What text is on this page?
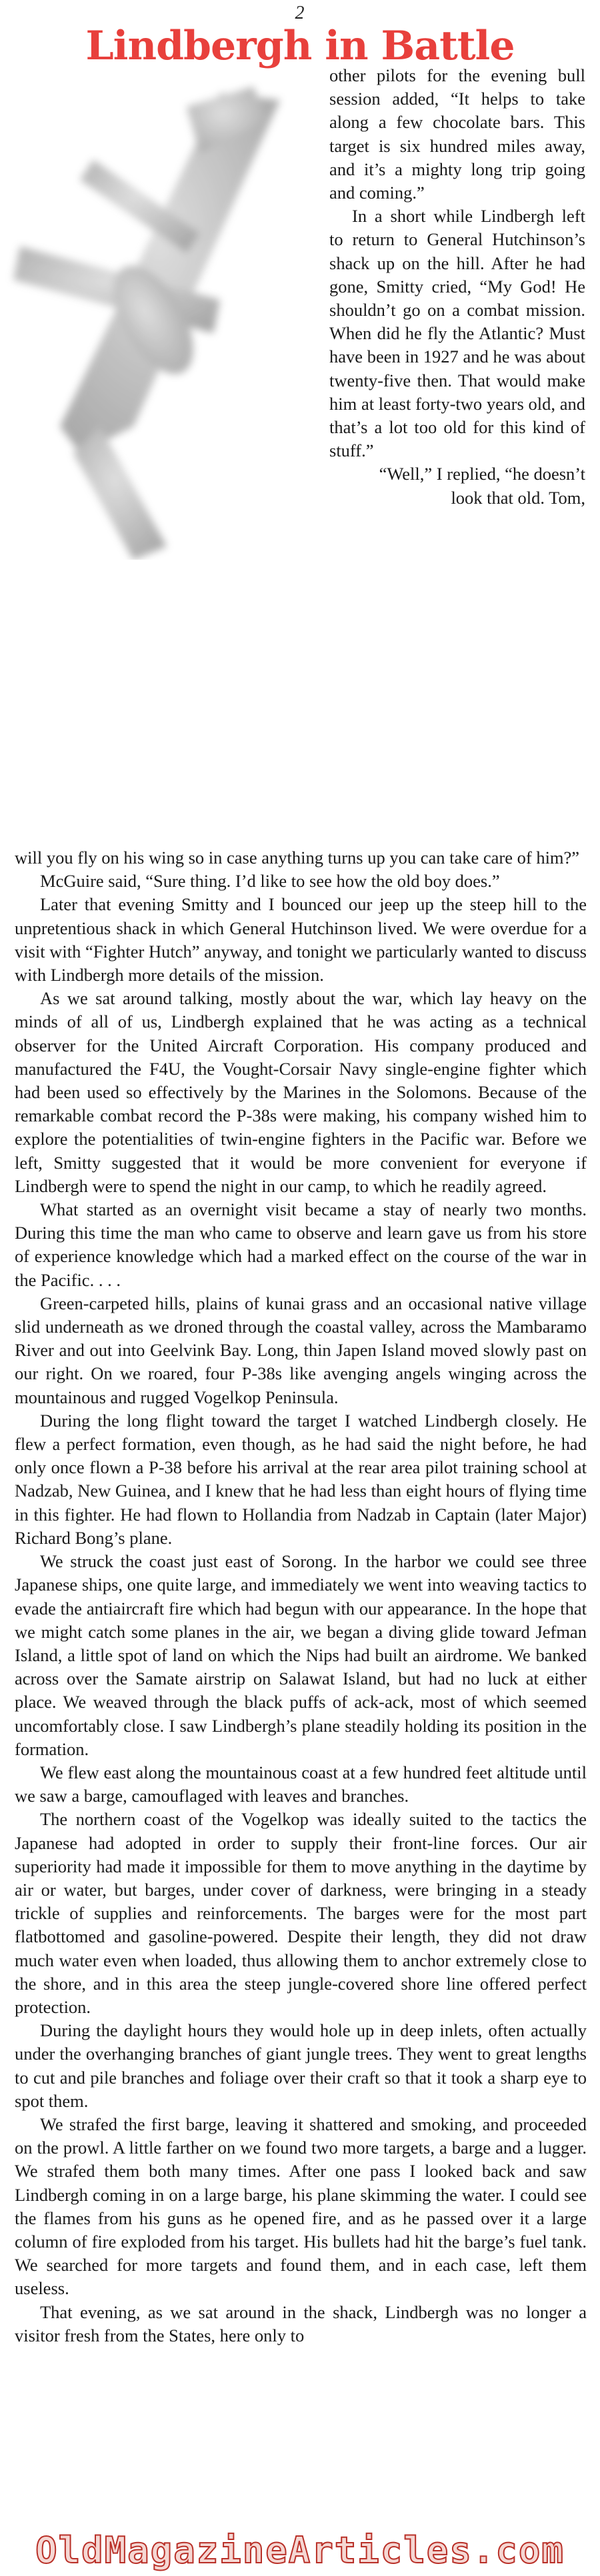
2
Lindbergh in Battle

other pilots for the evening bull session added, “It helps to take along a few chocolate bars. This target is six hundred miles away, and it’s a mighty long trip going and coming.”

In a short while Lindbergh left to return to General Hutchinson’s shack up on the hill. After he had gone, Smitty cried, “My God! He shouldn’t go on a combat mission. When did he fly the Atlantic? Must have been in 1927 and he was about twenty-five then. That would make him at least forty-two years old, and that’s a lot too old for this kind of stuff.”

“Well,” I replied, “he doesn’t look that old. Tom,

will you fly on his wing so in case anything turns up you can take care of him?”

McGuire said, “Sure thing. I’d like to see how the old boy does.”

Later that evening Smitty and I bounced our jeep up the steep hill to the unpretentious shack in which General Hutchinson lived. We were overdue for a visit with “Fighter Hutch” anyway, and tonight we particularly wanted to discuss with Lindbergh more details of the mission.

As we sat around talking, mostly about the war, which lay heavy on the minds of all of us, Lindbergh explained that he was acting as a technical observer for the United Aircraft Corporation. His company produced and manufactured the F4U, the Vought-Corsair Navy single-engine fighter which had been used so effectively by the Marines in the Solomons. Because of the remarkable combat record the P-38s were making, his company wished him to explore the potentialities of twin-engine fighters in the Pacific war. Before we left, Smitty suggested that it would be more convenient for everyone if Lindbergh were to spend the night in our camp, to which he readily agreed.

What started as an overnight visit became a stay of nearly two months. During this time the man who came to observe and learn gave us from his store of experience knowledge which had a marked effect on the course of the war in the Pacific. . . .

Green-carpeted hills, plains of kunai grass and an occasional native village slid underneath as we droned through the coastal valley, across the Mambaramo River and out into Geelvink Bay. Long, thin Japen Island moved slowly past on our right. On we roared, four P-38s like avenging angels winging across the mountainous and rugged Vogelkop Peninsula.

During the long flight toward the target I watched Lindbergh closely. He flew a perfect formation, even though, as he had said the night before, he had only once flown a P-38 before his arrival at the rear area pilot training school at Nadzab, New Guinea, and I knew that he had less than eight hours of flying time in this fighter. He had flown to Hollandia from Nadzab in Captain (later Major) Richard Bong’s plane.

We struck the coast just east of Sorong. In the harbor we could see three Japanese ships, one quite large, and immediately we went into weaving tactics to evade the antiaircraft fire which had begun with our appearance. In the hope that we might catch some planes in the air, we began a diving glide toward Jefman Island, a little spot of land on which the Nips had built an airdrome. We banked across over the Samate airstrip on Salawat Island, but had no luck at either place. We weaved through the black puffs of ack-ack, most of which seemed uncomfortably close. I saw Lindbergh’s plane steadily holding its position in the formation.

We flew east along the mountainous coast at a few hundred feet altitude until we saw a barge, camouflaged with leaves and branches.

The northern coast of the Vogelkop was ideally suited to the tactics the Japanese had adopted in order to supply their front-line forces. Our air superiority had made it impossible for them to move anything in the daytime by air or water, but barges, under cover of darkness, were bringing in a steady trickle of supplies and reinforcements. The barges were for the most part flatbottomed and gasoline-powered. Despite their length, they did not draw much water even when loaded, thus allowing them to anchor extremely close to the shore, and in this area the steep jungle-covered shore line offered perfect protection.

During the daylight hours they would hole up in deep inlets, often actually under the overhanging branches of giant jungle trees. They went to great lengths to cut and pile branches and foliage over their craft so that it took a sharp eye to spot them.

We strafed the first barge, leaving it shattered and smoking, and proceeded on the prowl. A little farther on we found two more targets, a barge and a lugger. We strafed them both many times. After one pass I looked back and saw Lindbergh coming in on a large barge, his plane skimming the water. I could see the flames from his guns as he opened fire, and as he passed over it a large column of fire exploded from his target. His bullets had hit the barge’s fuel tank. We searched for more targets and found them, and in each case, left them useless.

That evening, as we sat around in the shack, Lindbergh was no longer a visitor fresh from the States, here only to

OldMagazineArticles.com
